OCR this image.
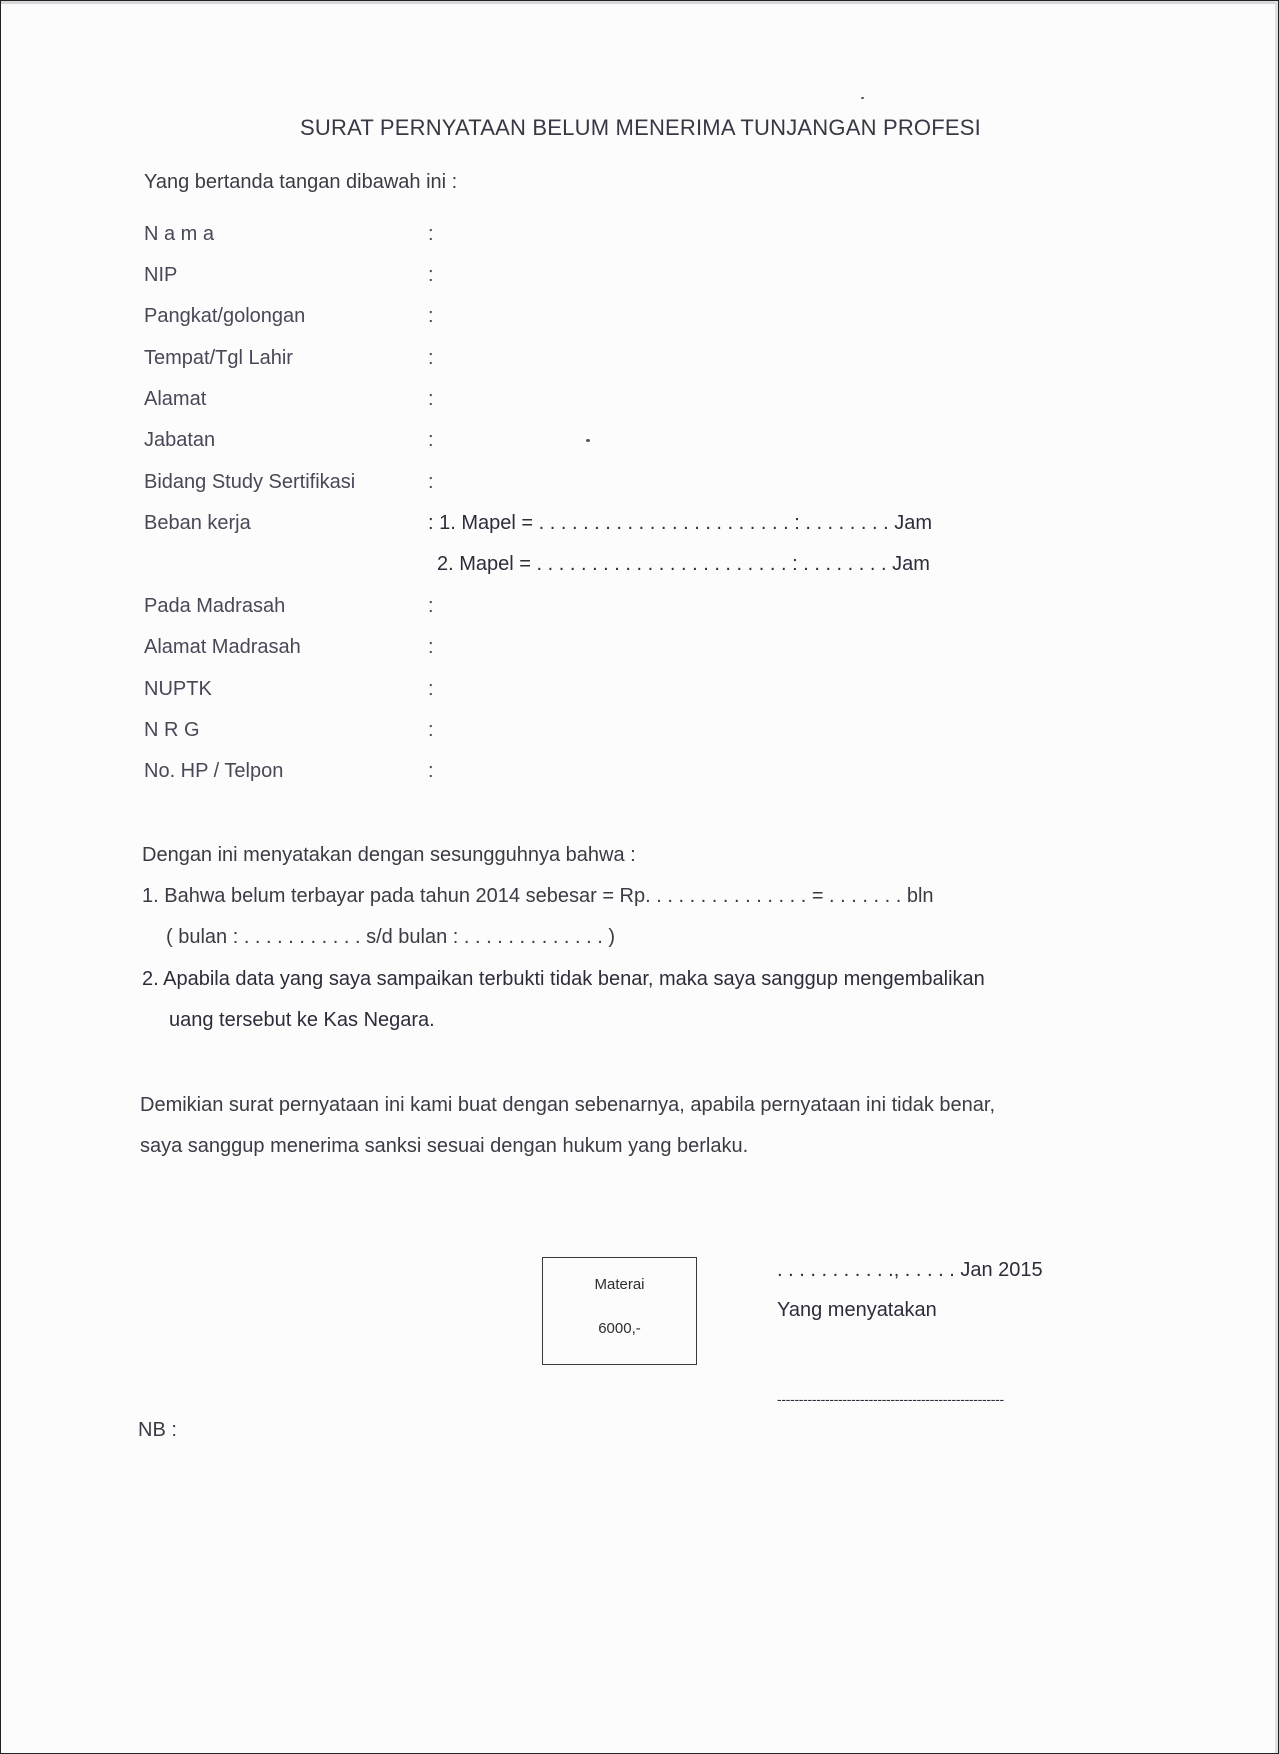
SURAT PERNYATAAN BELUM MENERIMA TUNJANGAN PROFESI
Yang bertanda tangan dibawah ini :
N a m a	:
NIP	:
Pangkat/golongan	:
Tempat/Tgl Lahir	:
Alamat	:
Jabatan	:
Bidang Study Sertifikasi	:
Beban kerja	: 1. Mapel = . . . . . . . . . . . . . . . . . . . . . . . : . . . . . . . . Jam
2. Mapel = . . . . . . . . . . . . . . . . . . . . . . . : . . . . . . . . Jam
Pada Madrasah	:
Alamat Madrasah	:
NUPTK	:
N R G	:
No. HP / Telpon	:
Dengan ini menyatakan dengan sesungguhnya bahwa :
1. Bahwa belum terbayar pada tahun 2014 sebesar = Rp. . . . . . . . . . . . . . . = . . . . . . . bln
( bulan : . . . . . . . . . . . s/d bulan : . . . . . . . . . . . . . )
2. Apabila data yang saya sampaikan terbukti tidak benar, maka saya sanggup mengembalikan
uang tersebut ke Kas Negara.
Demikian surat pernyataan ini kami buat dengan sebenarnya, apabila pernyataan ini tidak benar,
saya sanggup menerima sanksi sesuai dengan hukum yang berlaku.
Materai
6000,-
. . . . . . . . . . ., . . . . . Jan 2015
Yang menyatakan
----------------------------------------------------
NB :
